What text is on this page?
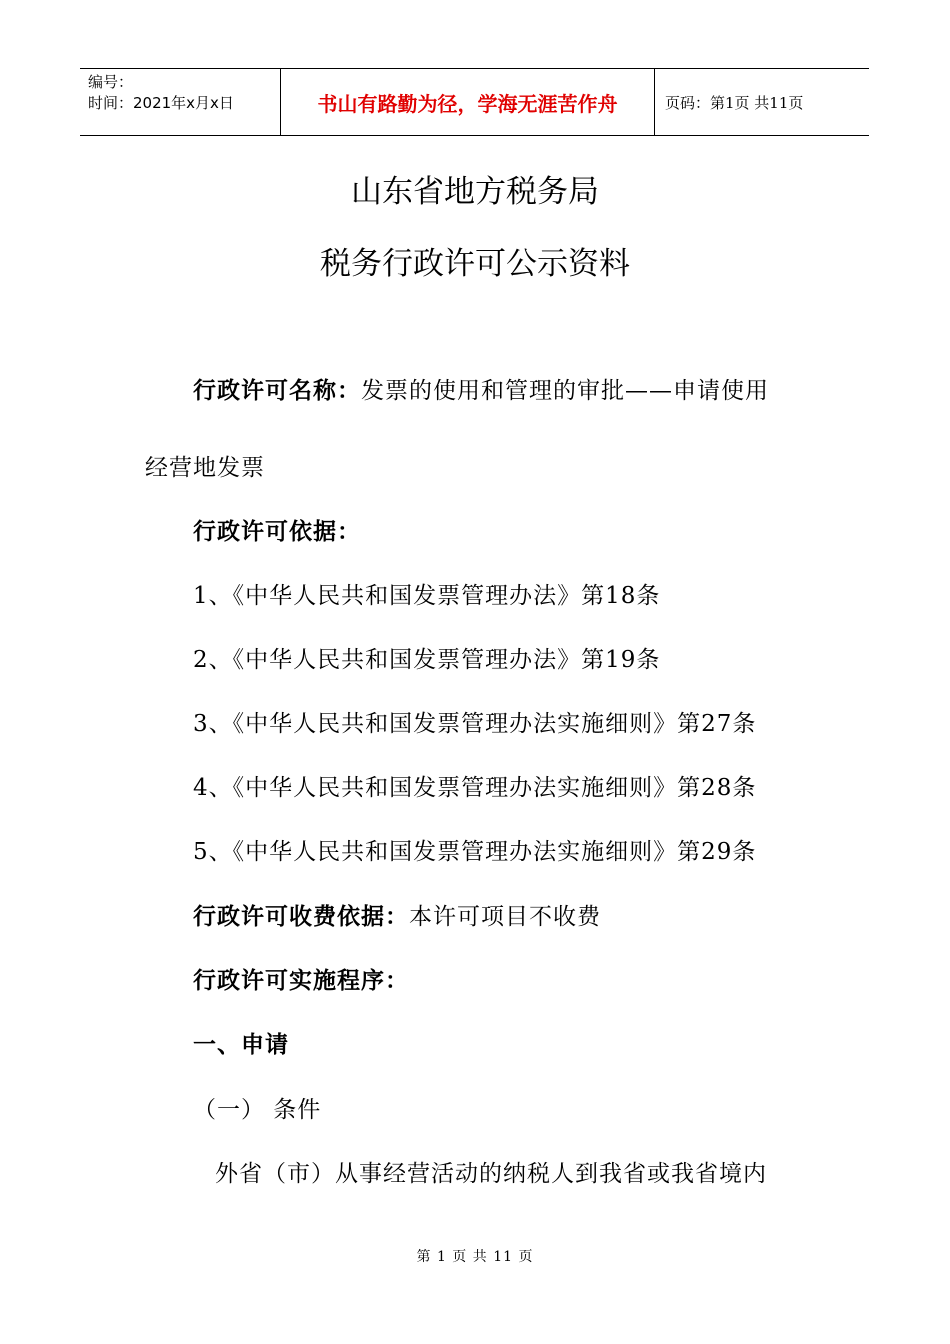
编号：
时间：2021年x月x日	书山有路勤为径，学海无涯苦作舟	页码：第1页 共11页
山东省地方税务局
税务行政许可公示资料
行政许可名称：发票的使用和管理的审批——申请使用
经营地发票
行政许可依据：
1、《中华人民共和国发票管理办法》第18条
2、《中华人民共和国发票管理办法》第19条
3、《中华人民共和国发票管理办法实施细则》第27条
4、《中华人民共和国发票管理办法实施细则》第28条
5、《中华人民共和国发票管理办法实施细则》第29条
行政许可收费依据：本许可项目不收费
行政许可实施程序：
一、申请
（一） 条件
外省（市）从事经营活动的纳税人到我省或我省境内
第 1 页 共 11 页
